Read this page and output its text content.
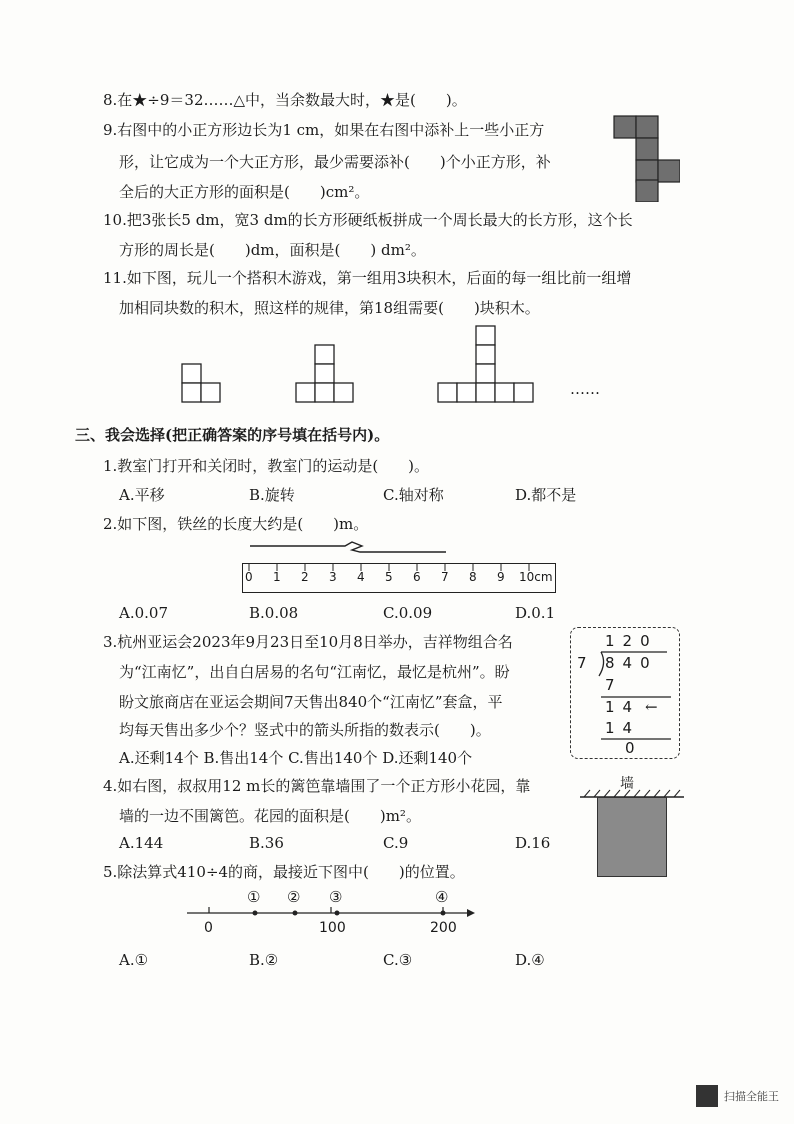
8.在★÷9＝32……△中，当余数最大时，★是(　　)。
9.右图中的小正方形边长为1 cm，如果在右图中添补上一些小正方
形，让它成为一个大正方形，最少需要添补(　　)个小正方形，补
全后的大正方形的面积是(　　)cm²。
10.把3张长5 dm，宽3 dm的长方形硬纸板拼成一个周长最大的长方形，这个长
方形的周长是(　　)dm，面积是(　　) dm²。
11.如下图，玩儿一个搭积木游戏，第一组用3块积木，后面的每一组比前一组增
加相同块数的积木，照这样的规律，第18组需要(　　)块积木。
……
三、我会选择(把正确答案的序号填在括号内)。
1.教室门打开和关闭时，教室门的运动是(　　)。
A.平移	B.旋转	C.轴对称	D.都不是
2.如下图，铁丝的长度大约是(　　)m。
0 1 2 3 4 5 6 7 8 9 10cm
A.0.07	B.0.08	C.0.09	D.0.1
3.杭州亚运会2023年9月23日至10月8日举办，吉祥物组合名
为“江南忆”，出自白居易的名句“江南忆，最忆是杭州”。盼
盼文旅商店在亚运会期间7天售出840个“江南忆”套盒，平
均每天售出多少个？竖式中的箭头所指的数表示(　　)。
A.还剩14个 B.售出14个 C.售出140个 D.还剩140个
120
7 840
7
14 ←
14
0
4.如右图，叔叔用12 m长的篱笆靠墙围了一个正方形小花园，靠
墙的一边不围篱笆。花园的面积是(　　)m²。
A.144	B.36	C.9	D.16
墙
5.除法算式410÷4的商，最接近下图中(　　)的位置。
① ② ③	④
0	100	200
A.①	B.②	C.③	D.④
扫描全能王
